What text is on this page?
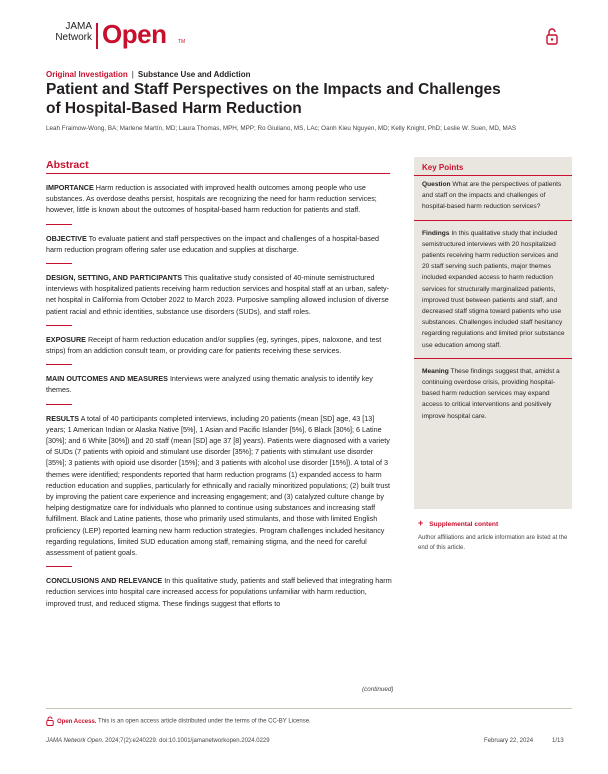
JAMA
Network Open TM
Original Investigation | Substance Use and Addiction
Patient and Staff Perspectives on the Impacts and Challenges of Hospital-Based Harm Reduction
Leah Fraimow-Wong, BA; Marlene Martín, MD; Laura Thomas, MPH, MPP; Ro Giuliano, MS, LAc; Oanh Kieu Nguyen, MD; Kelly Knight, PhD; Leslie W. Suen, MD, MAS
Abstract

IMPORTANCE Harm reduction is associated with improved health outcomes among people who use substances. As overdose deaths persist, hospitals are recognizing the need for harm reduction services; however, little is known about the outcomes of hospital-based harm reduction for patients and staff.

OBJECTIVE To evaluate patient and staff perspectives on the impact and challenges of a hospital-based harm reduction program offering safer use education and supplies at discharge.

DESIGN, SETTING, AND PARTICIPANTS This qualitative study consisted of 40-minute semistructured interviews with hospitalized patients receiving harm reduction services and hospital staff at an urban, safety-net hospital in California from October 2022 to March 2023. Purposive sampling allowed inclusion of diverse patient racial and ethnic identities, substance use disorders (SUDs), and staff roles.

EXPOSURE Receipt of harm reduction education and/or supplies (eg, syringes, pipes, naloxone, and test strips) from an addiction consult team, or providing care for patients receiving these services.

MAIN OUTCOMES AND MEASURES Interviews were analyzed using thematic analysis to identify key themes.

RESULTS A total of 40 participants completed interviews, including 20 patients (mean [SD] age, 43 [13] years; 1 American Indian or Alaska Native [5%], 1 Asian and Pacific Islander [5%], 6 Black [30%]; 6 Latine [30%]; and 6 White [30%]) and 20 staff (mean [SD] age 37 [8] years). Patients were diagnosed with a variety of SUDs (7 patients with opioid and stimulant use disorder [35%]; 7 patients with stimulant use disorder [35%]; 3 patients with opioid use disorder [15%]; and 3 patients with alcohol use disorder [15%]). A total of 3 themes were identified; respondents reported that harm reduction programs (1) expanded access to harm reduction education and supplies, particularly for ethnically and racially minoritized populations; (2) built trust by improving the patient care experience and increasing engagement; and (3) catalyzed culture change by helping destigmatize care for individuals who planned to continue using substances and increasing staff fulfillment. Black and Latine patients, those who primarily used stimulants, and those with limited English proficiency (LEP) reported learning new harm reduction strategies. Program challenges included hesitancy regarding regulations, limited SUD education among staff, remaining stigma, and the need for careful assessment of patient goals.

CONCLUSIONS AND RELEVANCE In this qualitative study, patients and staff believed that integrating harm reduction services into hospital care increased access for populations unfamiliar with harm reduction, improved trust, and reduced stigma. These findings suggest that efforts to

(continued)
Key Points

Question What are the perspectives of patients and staff on the impacts and challenges of hospital-based harm reduction services?

Findings In this qualitative study that included semistructured interviews with 20 hospitalized patients receiving harm reduction services and 20 staff serving such patients, major themes included expanded access to harm reduction services for structurally marginalized patients, improved trust between patients and staff, and decreased staff stigma toward patients who use substances. Challenges included staff hesitancy regarding regulations and limited prior substance use education among staff.

Meaning These findings suggest that, amidst a continuing overdose crisis, providing hospital-based harm reduction services may expand access to critical interventions and positively improve hospital care.

+ Supplemental content
Author affiliations and article information are listed at the end of this article.
Open Access. This is an open access article distributed under the terms of the CC-BY License.
JAMA Network Open. 2024;7(2):e240229. doi:10.1001/jamanetworkopen.2024.0229	February 22, 2024	1/13
